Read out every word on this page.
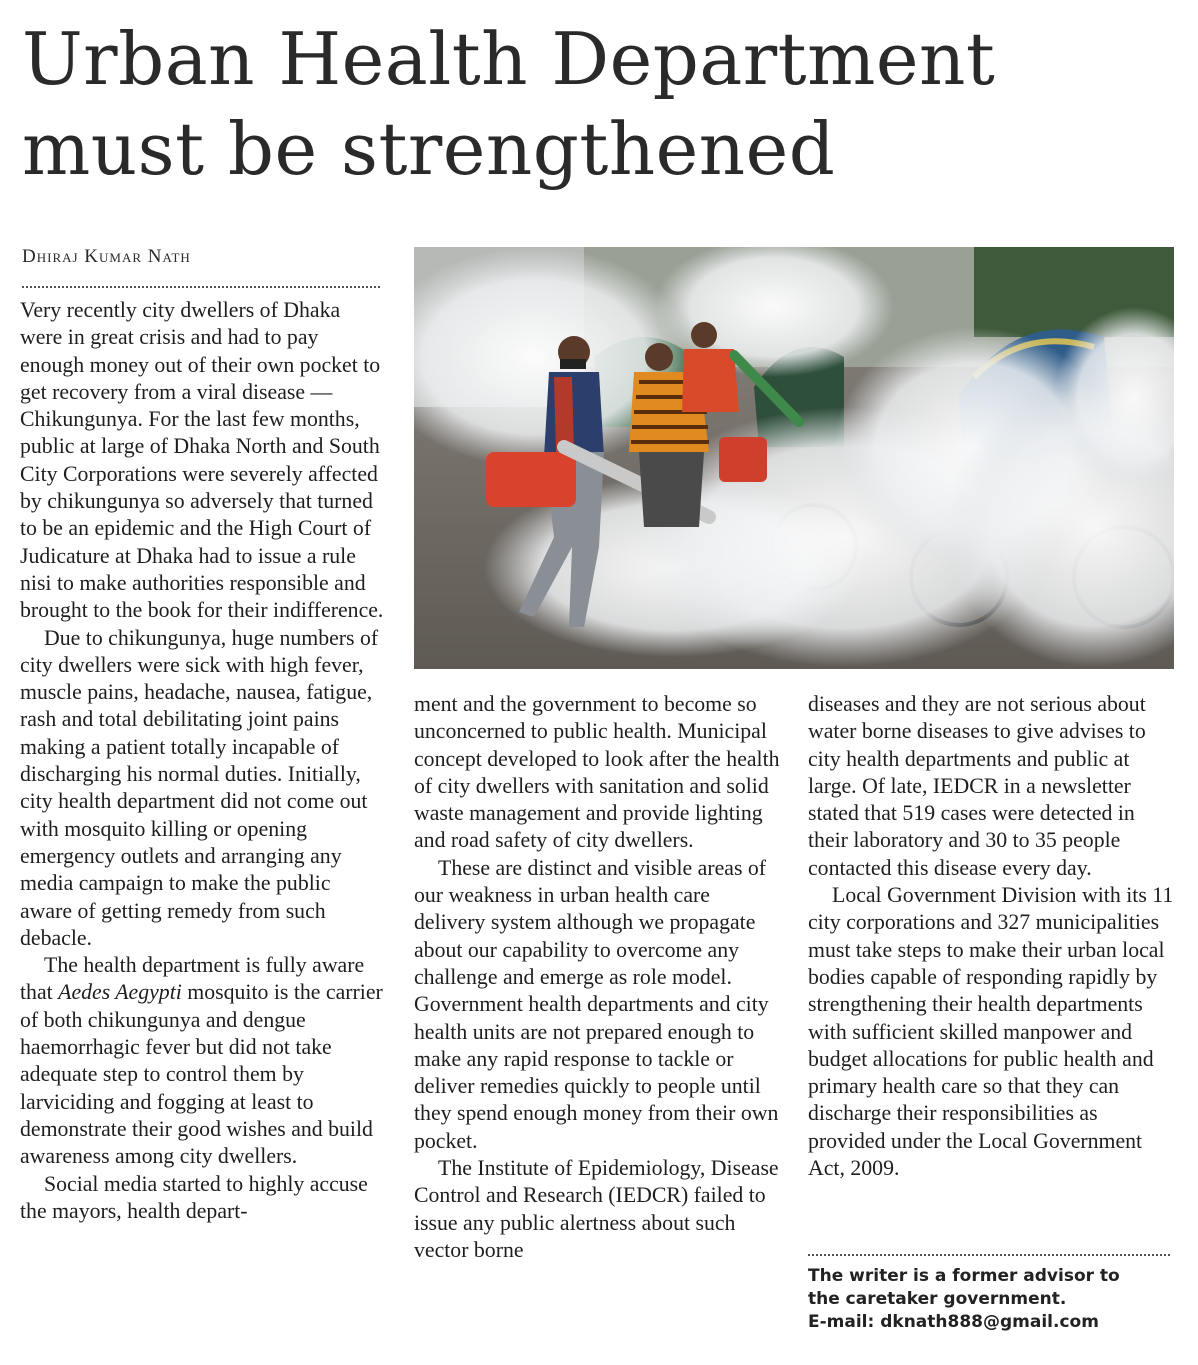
Urban Health Department
must be strengthened
Dhiraj Kumar Nath

Very recently city dwellers of Dhaka were in great crisis and had to pay enough money out of their own pocket to get recovery from a viral disease — Chikungunya. For the last few months, public at large of Dhaka North and South City Corporations were severely affected by chikungunya so adversely that turned to be an epidemic and the High Court of Judicature at Dhaka had to issue a rule nisi to make authorities responsible and brought to the book for their indifference.

Due to chikungunya, huge numbers of city dwellers were sick with high fever, muscle pains, headache, nausea, fatigue, rash and total debilitating joint pains making a patient totally incapable of discharging his normal duties. Initially, city health department did not come out with mosquito killing or opening emergency outlets and arranging any media campaign to make the public aware of getting remedy from such debacle.

The health department is fully aware that Aedes Aegypti mosquito is the carrier of both chikungunya and dengue haemorrhagic fever but did not take adequate step to control them by larviciding and fogging at least to demonstrate their good wishes and build awareness among city dwellers.

Social media started to highly accuse the mayors, health depart-

ment and the government to become so unconcerned to public health. Municipal concept developed to look after the health of city dwellers with sanitation and solid waste management and provide lighting and road safety of city dwellers.

These are distinct and visible areas of our weakness in urban health care delivery system although we propagate about our capability to overcome any challenge and emerge as role model. Government health departments and city health units are not prepared enough to make any rapid response to tackle or deliver remedies quickly to people until they spend enough money from their own pocket.

The Institute of Epidemiology, Disease Control and Research (IEDCR) failed to issue any public alertness about such vector borne

diseases and they are not serious about water borne diseases to give advises to city health departments and public at large. Of late, IEDCR in a newsletter stated that 519 cases were detected in their laboratory and 30 to 35 people contacted this disease every day.

Local Government Division with its 11 city corporations and 327 municipalities must take steps to make their urban local bodies capable of responding rapidly by strengthening their health departments with sufficient skilled manpower and budget allocations for public health and primary health care so that they can discharge their responsibilities as provided under the Local Government Act, 2009.

The writer is a former advisor to
the caretaker government.
E-mail: dknath888@gmail.com
